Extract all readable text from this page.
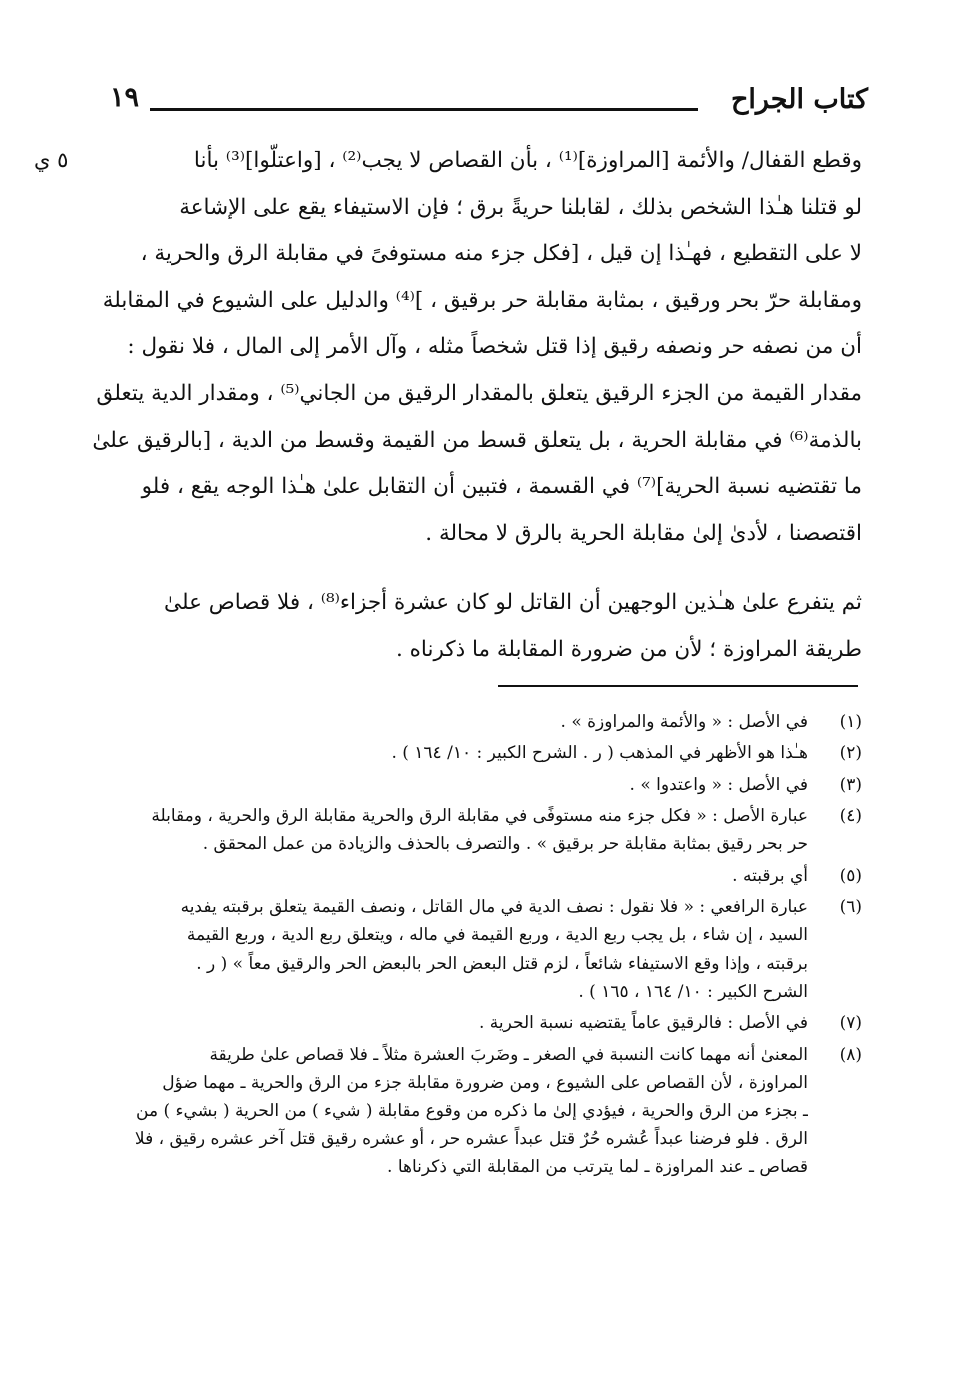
كتاب الجراح
١٩
٥ ي	وقطع القفال/ والأئمة [المراوزة]⁽¹⁾ ، بأن القصاص لا يجب⁽²⁾ ، [واعتلّوا]⁽³⁾ بأنا
لو قتلنا هـٰذا الشخص بذلك ، لقابلنا حريةً برق ؛ فإن الاستيفاء يقع على الإشاعة
لا على التقطيع ، فهـٰذا إن قيل ، [فكل جزء منه مستوفىً في مقابلة الرق والحرية ،
ومقابلة حرّ بحر ورقيق ، بمثابة مقابلة حر برقيق ، ]⁽⁴⁾ والدليل على الشيوع في المقابلة
أن من نصفه حر ونصفه رقيق إذا قتل شخصاً مثله ، وآل الأمر إلى المال ، فلا نقول :
مقدار القيمة من الجزء الرقيق يتعلق بالمقدار الرقيق من الجاني⁽⁵⁾ ، ومقدار الدية يتعلق
بالذمة⁽⁶⁾ في مقابلة الحرية ، بل يتعلق قسط من القيمة وقسط من الدية ، [بالرقيق علىٰ
ما تقتضيه نسبة الحرية]⁽⁷⁾ في القسمة ، فتبين أن التقابل علىٰ هـٰذا الوجه يقع ، فلو
اقتصصنا ، لأدىٰ إلىٰ مقابلة الحرية بالرق لا محالة .
ثم يتفرع علىٰ هـٰذين الوجهين أن القاتل لو كان عشرة أجزاء⁽⁸⁾ ، فلا قصاص علىٰ
طريقة المراوزة ؛ لأن من ضرورة المقابلة ما ذكرناه .
(١)
في الأصل : « والأئمة والمراوزة » .
(٢)
هـٰذا هو الأظهر في المذهب ( ر . الشرح الكبير : ١٠/ ١٦٤ ) .
(٣)
في الأصل : « واعتدوا » .
(٤)
عبارة الأصل : « فكل جزء منه مستوفًى في مقابلة الرق والحرية مقابلة الرق والحرية ، ومقابلة
حر بحر رقيق بمثابة مقابلة حر برقيق » . والتصرف بالحذف والزيادة من عمل المحقق .
(٥)
أي برقبته .
(٦)
عبارة الرافعي : « فلا نقول : نصف الدية في مال القاتل ، ونصف القيمة يتعلق برقبته يفديه
السيد ، إن شاء ، بل يجب ربع الدية ، وربع القيمة في ماله ، ويتعلق ربع الدية ، وربع القيمة
برقبته ، وإذا وقع الاستيفاء شائعاً ، لزم قتل البعض الحر بالبعض الحر والرقيق معاً » ( ر .
الشرح الكبير : ١٠/ ١٦٤ ، ١٦٥ ) .
(٧)
في الأصل : فالرقيق عاماً يقتضيه نسبة الحرية .
(٨)
المعنىٰ أنه مهما كانت النسبة في الصغر ـ وضَربَ العشرة مثلاً ـ فلا قصاص علىٰ طريقة
المراوزة ، لأن القصاص على الشيوع ، ومن ضرورة مقابلة جزء من الرق والحرية ـ مهما ضؤل
ـ بجزء من الرق والحرية ، فيؤدي إلىٰ ما ذكره من وقوع مقابلة ( شيء ) من الحرية ( بشيء ) من
الرق . فلو فرضنا عبداً عُشره حُرٌ قتل عبداً عشره حر ، أو عشره رقيق قتل آخر عشره رقيق ، فلا
قصاص ـ عند المراوزة ـ لما يترتب من المقابلة التي ذكرناها .
